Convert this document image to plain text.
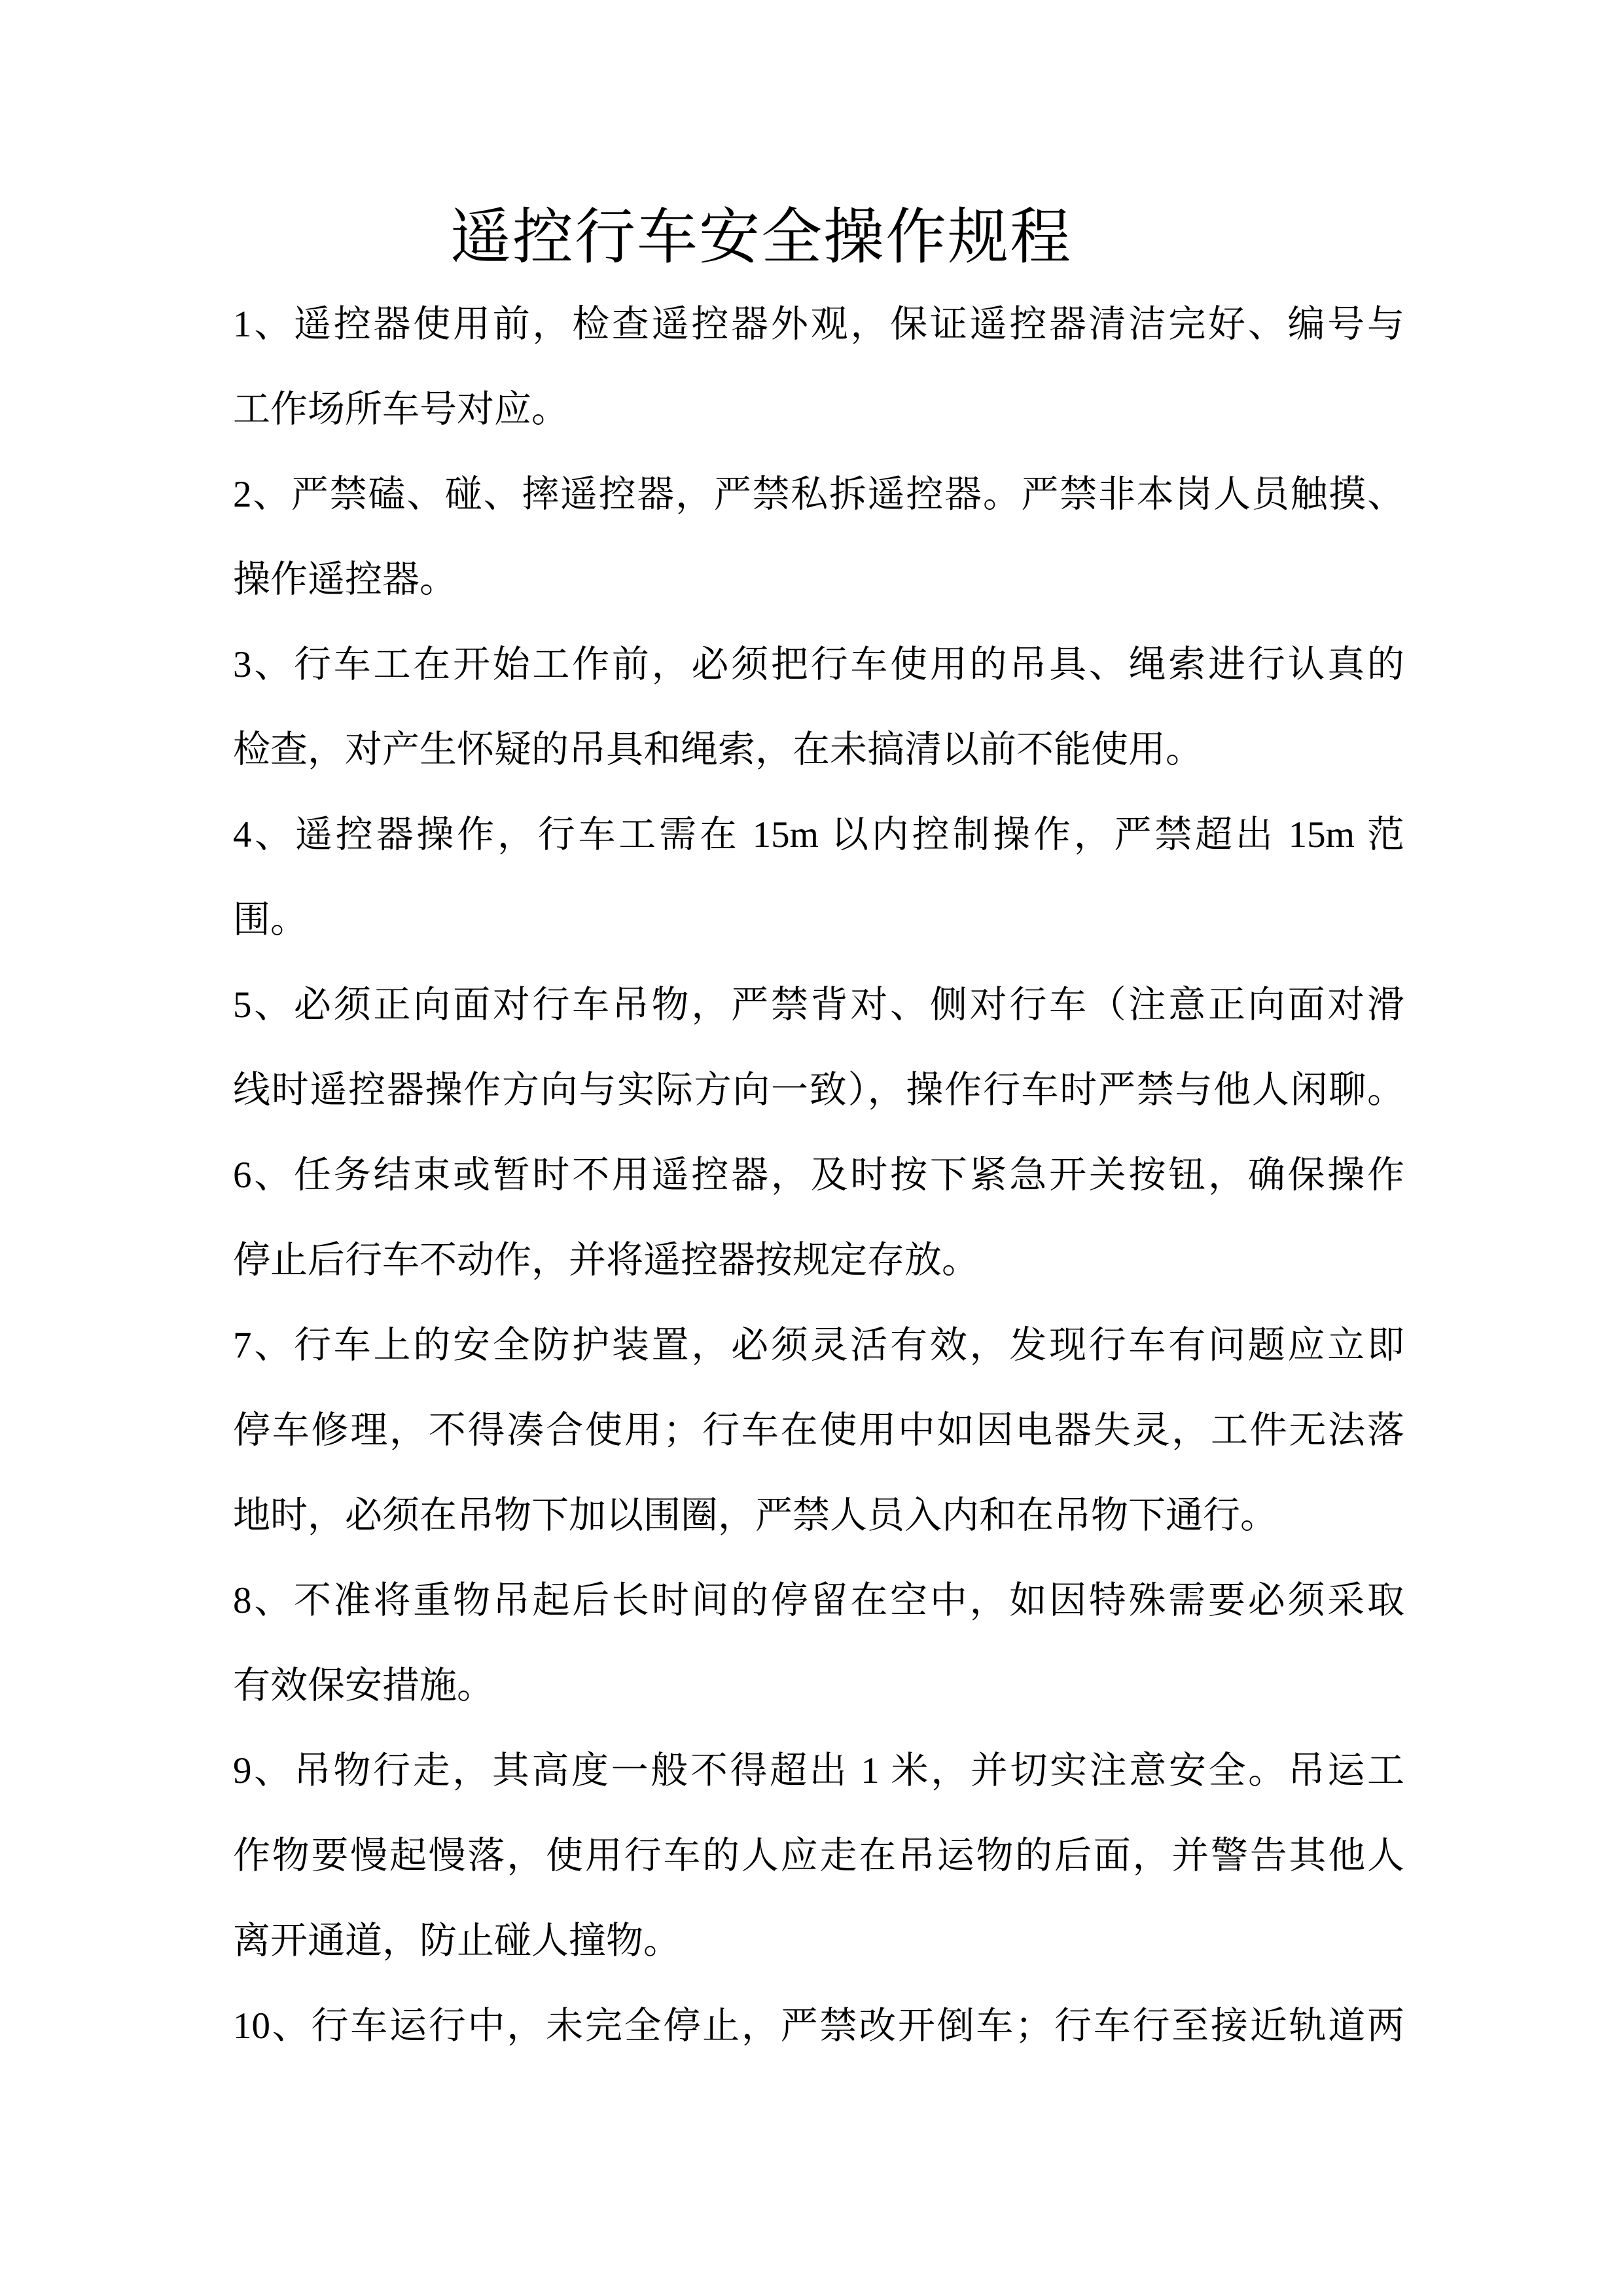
遥控行车安全操作规程
1、遥控器使用前，检查遥控器外观，保证遥控器清洁完好、编号与
工作场所车号对应。
2、严禁磕、碰、摔遥控器，严禁私拆遥控器。严禁非本岗人员触摸、
操作遥控器。
3、行车工在开始工作前，必须把行车使用的吊具、绳索进行认真的
检查，对产生怀疑的吊具和绳索，在未搞清以前不能使用。
4、遥控器操作，行车工需在 15m 以内控制操作，严禁超出 15m 范
围。
5、必须正向面对行车吊物，严禁背对、侧对行车（注意正向面对滑
线时遥控器操作方向与实际方向一致），操作行车时严禁与他人闲聊。
6、任务结束或暂时不用遥控器，及时按下紧急开关按钮，确保操作
停止后行车不动作，并将遥控器按规定存放。
7、行车上的安全防护装置，必须灵活有效，发现行车有问题应立即
停车修理，不得凑合使用；行车在使用中如因电器失灵，工件无法落
地时，必须在吊物下加以围圈，严禁人员入内和在吊物下通行。
8、不准将重物吊起后长时间的停留在空中，如因特殊需要必须采取
有效保安措施。
9、吊物行走，其高度一般不得超出 1 米，并切实注意安全。吊运工
作物要慢起慢落，使用行车的人应走在吊运物的后面，并警告其他人
离开通道，防止碰人撞物。
10、行车运行中，未完全停止，严禁改开倒车；行车行至接近轨道两
